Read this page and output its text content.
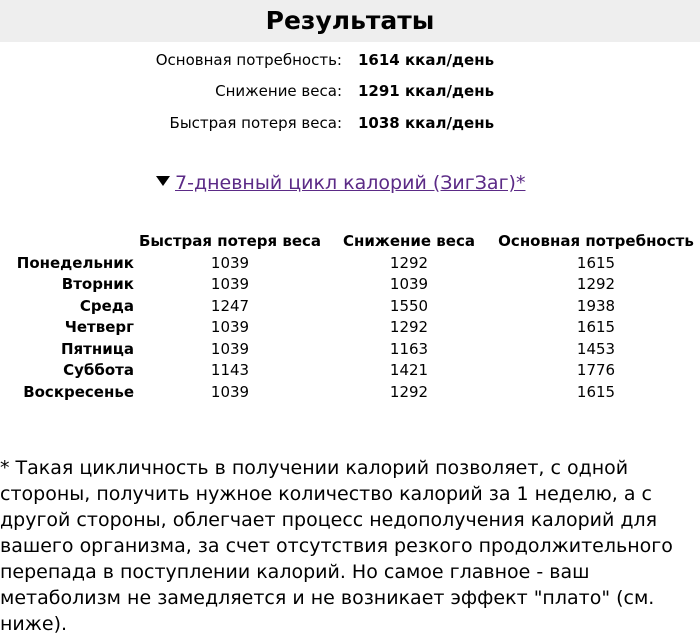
Результаты
Основная потребность: 1614 ккал/день
Снижение веса: 1291 ккал/день
Быстрая потеря веса: 1038 ккал/день
7-дневный цикл калорий (ЗигЗаг)*
	Быстрая потеря веса	Снижение веса	Основная потребность
Понедельник	1039	1292	1615
Вторник	1039	1039	1292
Среда	1247	1550	1938
Четверг	1039	1292	1615
Пятница	1039	1163	1453
Суббота	1143	1421	1776
Воскресенье	1039	1292	1615
* Такая цикличность в получении калорий позволяет, с одной
стороны, получить нужное количество калорий за 1 неделю, а с
другой стороны, облегчает процесс недополучения калорий для
вашего организма, за счет отсутствия резкого продолжительного
перепада в поступлении калорий. Но самое главное - ваш
метаболизм не замедляется и не возникает эффект "плато" (см.
ниже).
